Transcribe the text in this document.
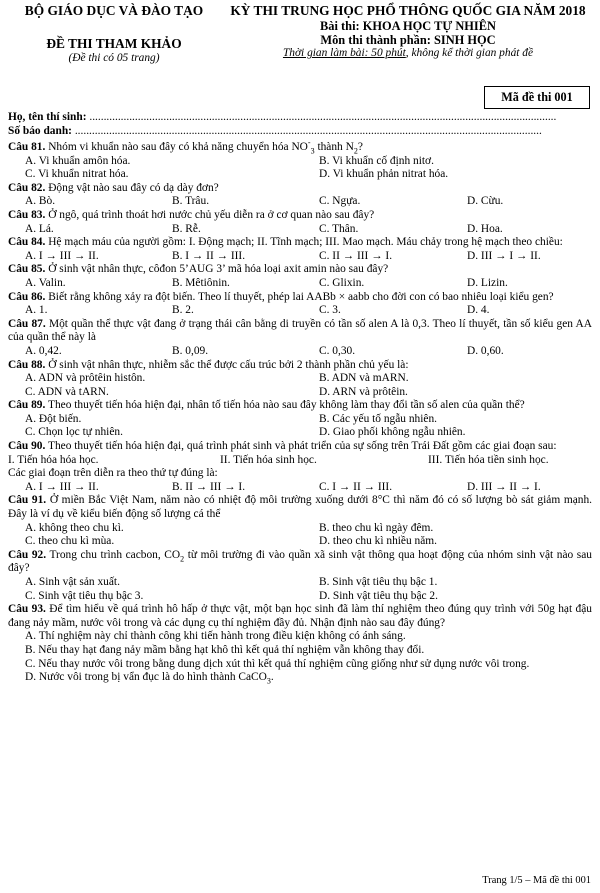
BỘ GIÁO DỤC VÀ ĐÀO TẠO
ĐỀ THI THAM KHẢO
(Đề thi có 05 trang)
KỲ THI TRUNG HỌC PHỔ THÔNG QUỐC GIA NĂM 2018
Bài thi: KHOA HỌC TỰ NHIÊN
Môn thi thành phần: SINH HỌC
Thời gian làm bài: 50 phút, không kể thời gian phát đề
Mã đề thi 001
Họ, tên thí sinh: ....................................................................................................................................................................
Số báo danh: ....................................................................................................................................................................

Câu 81. Nhóm vi khuẩn nào sau đây có khả năng chuyển hóa $NO^-_3$ thành $N_2$?

A. Vi khuẩn amôn hóa.	B. Vi khuẩn cố định nitơ.
C. Vi khuẩn nitrat hóa.	D. Vi khuẩn phản nitrat hóa.

Câu 82. Động vật nào sau đây có dạ dày đơn?

A. Bò.	B. Trâu.	C. Ngựa.	D. Cừu.

Câu 83. Ở ngô, quá trình thoát hơi nước chủ yếu diễn ra ở cơ quan nào sau đây?

A. Lá.	B. Rễ.	C. Thân.	D. Hoa.

Câu 84. Hệ mạch máu của người gồm: I. Động mạch; II. Tĩnh mạch; III. Mao mạch. Máu chảy trong hệ mạch theo chiều:

A. I → III → II.	B. I → II → III.	C. II → III → I.	D. III → I → II.

Câu 85. Ở sinh vật nhân thực, côđon 5’AUG 3’ mã hóa loại axit amin nào sau đây?

A. Valin.	B. Mêtiônin.	C. Glixin.	D. Lizin.

Câu 86. Biết rằng không xảy ra đột biến. Theo lí thuyết, phép lai AABb × aabb cho đời con có bao nhiêu loại kiểu gen?

A. 1.	B. 2.	C. 3.	D. 4.

Câu 87. Một quần thể thực vật đang ở trạng thái cân bằng di truyền có tần số alen A là 0,3. Theo lí thuyết, tần số kiểu gen AA của quần thể này là

A. 0,42.	B. 0,09.	C. 0,30.	D. 0,60.

Câu 88. Ở sinh vật nhân thực, nhiễm sắc thể được cấu trúc bởi 2 thành phần chủ yếu là:

A. ADN và prôtêin histôn.	B. ADN và mARN.
C. ADN và tARN.	D. ARN và prôtêin.

Câu 89. Theo thuyết tiến hóa hiện đại, nhân tố tiến hóa nào sau đây không làm thay đổi tần số alen của quần thể?

A. Đột biến.	B. Các yếu tố ngẫu nhiên.
C. Chọn lọc tự nhiên.	D. Giao phối không ngẫu nhiên.

Câu 90. Theo thuyết tiến hóa hiện đại, quá trình phát sinh và phát triển của sự sống trên Trái Đất gồm các giai đoạn sau:

I. Tiến hóa hóa học.	II. Tiến hóa sinh học.	III. Tiến hóa tiền sinh học.

Các giai đoạn trên diễn ra theo thứ tự đúng là:

A. I → III → II.	B. II → III → I.	C. I → II → III.	D. III → II → I.

Câu 91. Ở miền Bắc Việt Nam, năm nào có nhiệt độ môi trường xuống dưới 8°C thì năm đó có số lượng bò sát giảm mạnh. Đây là ví dụ về kiểu biến động số lượng cá thể

A. không theo chu kì.	B. theo chu kì ngày đêm.
C. theo chu kì mùa.	D. theo chu kì nhiều năm.

Câu 92. Trong chu trình cacbon, $CO_2$ từ môi trường đi vào quần xã sinh vật thông qua hoạt động của nhóm sinh vật nào sau đây?

A. Sinh vật sản xuất.	B. Sinh vật tiêu thụ bậc 1.
C. Sinh vật tiêu thụ bậc 3.	D. Sinh vật tiêu thụ bậc 2.

Câu 93. Để tìm hiểu về quá trình hô hấp ở thực vật, một bạn học sinh đã làm thí nghiệm theo đúng quy trình với 50g hạt đậu đang nảy mầm, nước vôi trong và các dụng cụ thí nghiệm đầy đủ. Nhận định nào sau đây đúng?

A. Thí nghiệm này chỉ thành công khi tiến hành trong điều kiện không có ánh sáng.

B. Nếu thay hạt đang nảy mầm bằng hạt khô thì kết quả thí nghiệm vẫn không thay đổi.

C. Nếu thay nước vôi trong bằng dung dịch xút thì kết quả thí nghiệm cũng giống như sử dụng nước vôi trong.

D. Nước vôi trong bị vẩn đục là do hình thành CaCO$_3$.

Trang 1/5 – Mã đề thi 001
